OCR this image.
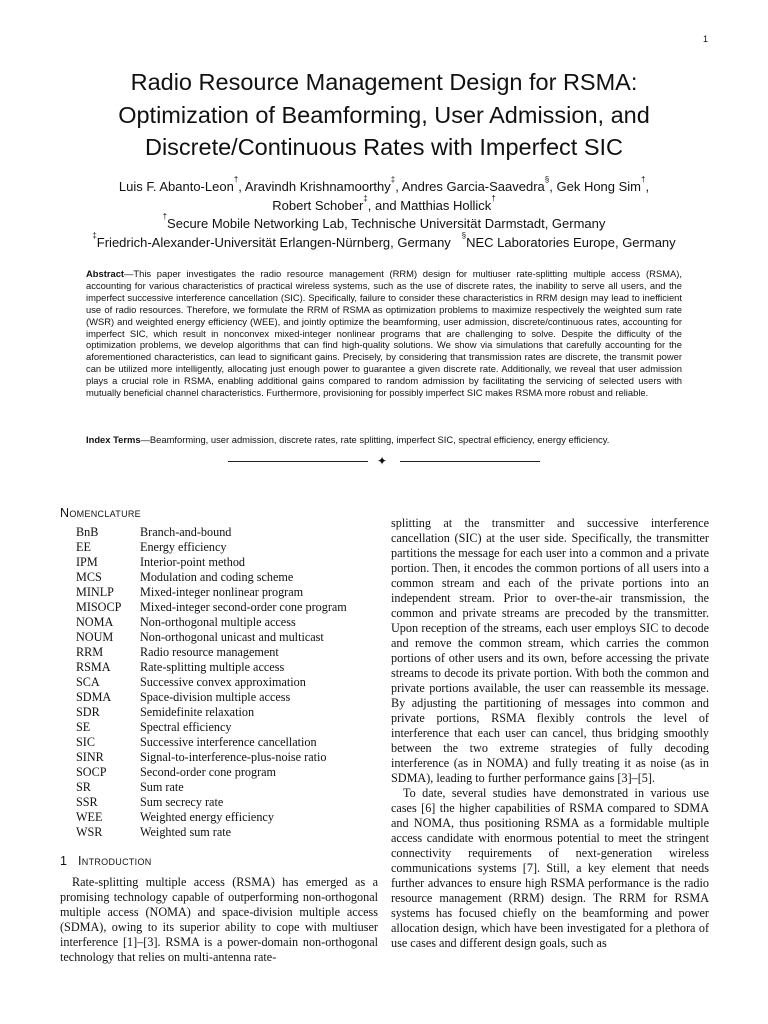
1
Radio Resource Management Design for RSMA:
Optimization of Beamforming, User Admission, and
Discrete/Continuous Rates with Imperfect SIC
Luis F. Abanto-Leon†, Aravindh Krishnamoorthy‡, Andres Garcia-Saavedra§, Gek Hong Sim†,
Robert Schober‡, and Matthias Hollick†
†Secure Mobile Networking Lab, Technische Universität Darmstadt, Germany
‡Friedrich-Alexander-Universität Erlangen-Nürnberg, Germany §NEC Laboratories Europe, Germany
Abstract—This paper investigates the radio resource management (RRM) design for multiuser rate-splitting multiple access (RSMA), accounting for various characteristics of practical wireless systems, such as the use of discrete rates, the inability to serve all users, and the imperfect successive interference cancellation (SIC). Specifically, failure to consider these characteristics in RRM design may lead to inefficient use of radio resources. Therefore, we formulate the RRM of RSMA as optimization problems to maximize respectively the weighted sum rate (WSR) and weighted energy efficiency (WEE), and jointly optimize the beamforming, user admission, discrete/continuous rates, accounting for imperfect SIC, which result in nonconvex mixed-integer nonlinear programs that are challenging to solve. Despite the difficulty of the optimization problems, we develop algorithms that can find high-quality solutions. We show via simulations that carefully accounting for the aforementioned characteristics, can lead to significant gains. Precisely, by considering that transmission rates are discrete, the transmit power can be utilized more intelligently, allocating just enough power to guarantee a given discrete rate. Additionally, we reveal that user admission plays a crucial role in RSMA, enabling additional gains compared to random admission by facilitating the servicing of selected users with mutually beneficial channel characteristics. Furthermore, provisioning for possibly imperfect SIC makes RSMA more robust and reliable.
Index Terms—Beamforming, user admission, discrete rates, rate splitting, imperfect SIC, spectral efficiency, energy efficiency.
✦
Nomenclature
BnB	Branch-and-bound
EE	Energy efficiency
IPM	Interior-point method
MCS	Modulation and coding scheme
MINLP	Mixed-integer nonlinear program
MISOCP	Mixed-integer second-order cone program
NOMA	Non-orthogonal multiple access
NOUM	Non-orthogonal unicast and multicast
RRM	Radio resource management
RSMA	Rate-splitting multiple access
SCA	Successive convex approximation
SDMA	Space-division multiple access
SDR	Semidefinite relaxation
SE	Spectral efficiency
SIC	Successive interference cancellation
SINR	Signal-to-interference-plus-noise ratio
SOCP	Second-order cone program
SR	Sum rate
SSR	Sum secrecy rate
WEE	Weighted energy efficiency
WSR	Weighted sum rate
1 Introduction
Rate-splitting multiple access (RSMA) has emerged as a promising technology capable of outperforming non-orthogonal multiple access (NOMA) and space-division multiple access (SDMA), owing to its superior ability to cope with multiuser interference [1]–[3]. RSMA is a power-domain non-orthogonal technology that relies on multi-antenna rate-

splitting at the transmitter and successive interference cancellation (SIC) at the user side. Specifically, the transmitter partitions the message for each user into a common and a private portion. Then, it encodes the common portions of all users into a common stream and each of the private portions into an independent stream. Prior to over-the-air transmission, the common and private streams are precoded by the transmitter. Upon reception of the streams, each user employs SIC to decode and remove the common stream, which carries the common portions of other users and its own, before accessing the private streams to decode its private portion. With both the common and private portions available, the user can reassemble its message. By adjusting the partitioning of messages into common and private portions, RSMA flexibly controls the level of interference that each user can cancel, thus bridging smoothly between the two extreme strategies of fully decoding interference (as in NOMA) and fully treating it as noise (as in SDMA), leading to further performance gains [3]–[5].

To date, several studies have demonstrated in various use cases [6] the higher capabilities of RSMA compared to SDMA and NOMA, thus positioning RSMA as a formidable multiple access candidate with enormous potential to meet the stringent connectivity requirements of next-generation wireless communications systems [7]. Still, a key element that needs further advances to ensure high RSMA performance is the radio resource management (RRM) design. The RRM for RSMA systems has focused chiefly on the beamforming and power allocation design, which have been investigated for a plethora of use cases and different design goals, such as
